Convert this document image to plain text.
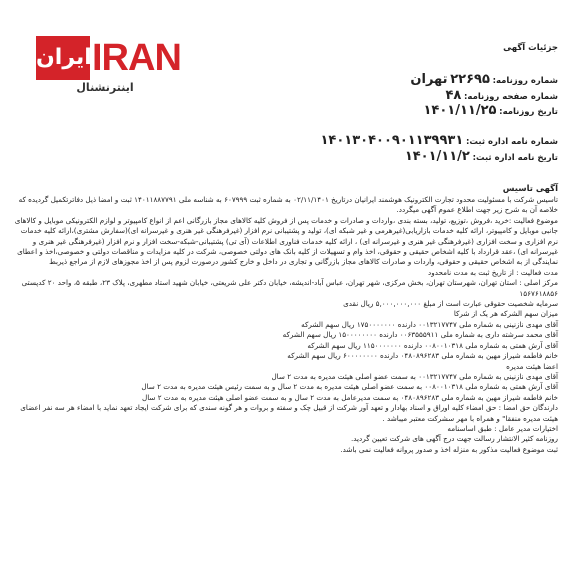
ایران IRAN
اینترنشنال
جزئیات آگهی
شماره روزنامه: ۲۲۶۹۵ تهران
شماره صفحه روزنامه: ۴۸
تاریخ روزنامه: ۱۴۰۱/۱۱/۲۵
شماره نامه اداره ثبت: ۱۴۰۱۳۰۴۰۰۹۰۱۱۳۹۹۳۱
تاریخ نامه اداره ثبت: ۱۴۰۱/۱۱/۲

آگهی تاسیس

تاسیس شرکت با مسئولیت محدود تجارت الکترونیک هوشمند ایرانیان درتاریخ ۰۲/۱۱/۱۴۰۱ به شماره ثبت ۶۰۷۹۹۹ به شناسه ملی ۱۴۰۱۱۸۸۷۷۹۱ ثبت و امضا ذیل دفاترتکمیل گردیده که خلاصه آن به شرح زیر جهت اطلاع عموم آگهی میگردد.

موضوع فعالیت :خرید ،فروش ،توزیع، تولید، بسته بندی ،واردات و صادرات و خدمات پس از فروش کلیه کالاهای مجاز بازرگانی اعم از انواع کامپیوتر و لوازم الکترونیکی موبایل و کالاهای جانبی موبایل و کامپیوتر، ارائه کلیه خدمات بازاریابی(غیرهرمی و غیر شبکه ای)، تولید و پشتیبانی نرم افزار (غیرفرهنگی غیر هنری و غیرسرانه ای)(سفارش مشتری)،ارائه کلیه خدمات نرم افزاری و سخت افزاری (غیرفرهنگی غیر هنری و غیرسرانه ای) ، ارائه کلیه خدمات فناوری اطلاعات (آی تی) پشتیبانی-شبکه-سخت افزار و نرم افزار (غیرفرهنگی غیر هنری و غیرسرانه ای) ،عقد قرارداد با کلیه اشخاص حقیقی و حقوقی، اخذ وام و تسهیلات از کلیه بانک های دولتی خصوصی، شرکت در کلیه مزایدات و مناقصات دولتی و خصوصی،اخذ و اعطای نمایندگی از به اشخاص حقیقی و حقوقی، واردات و صادرات کالاهای مجاز بازرگانی و تجاری در داخل و خارج کشور درصورت لزوم پس از اخذ مجوزهای لازم از مراجع ذیربط

مدت فعالیت : از تاریخ ثبت به مدت نامحدود

مرکز اصلی : استان تهران، شهرستان تهران، بخش مرکزی، شهر تهران، عباس آباد-اندیشه، خیابان دکتر علی شریعتی، خیابان شهید استاد مطهری، پلاک ۲۳، طبقه ۵، واحد ۲۰ کدپستی ۱۵۶۷۶۱۸۸۵۶

سرمایه شخصیت حقوقی عبارت است از مبلغ ۵,۰۰۰,۰۰۰,۰۰۰ ریال نقدی

میزان سهم الشرکه هر یک از شرکا

آقای مهدی نازنینی به شماره ملی ۰۰۱۳۲۱۷۷۴۷ دارنده ۱۷۵۰۰۰۰۰۰۰ ریال سهم الشرکه

آقای محمد سرشته داری به شماره ملی ۰۰۶۳۵۵۵۹۱۱ دارنده ۱۵۰۰۰۰۰۰۰۰ ریال سهم الشرکه

آقای آرش همتی به شماره ملی ۰۰۸۰۰۱۰۳۱۸ دارنده ۱۱۵۰۰۰۰۰۰۰ ریال سهم الشرکه

خانم فاطمه شیراز مهین به شماره ملی ۰۴۸۰۸۹۶۲۸۳ دارنده ۶۰۰۰۰۰۰۰۰ ریال سهم الشرکه

اعضا هیئت مدیره

آقای مهدی نازنینی به شماره ملی ۰۰۱۳۲۱۷۷۴۷ به سمت عضو اصلی هیئت مدیره به مدت ۲ سال

آقای آرش همتی به شماره ملی ۰۰۸۰۰۱۰۳۱۸ به سمت عضو اصلی هیئت مدیره به مدت ۲ سال و به سمت رئیس هیئت مدیره به مدت ۲ سال

خانم فاطمه شیراز مهین به شماره ملی ۰۴۸۰۸۹۶۲۸۳ به سمت مدیرعامل به مدت ۲ سال و به سمت عضو اصلی هیئت مدیره به مدت ۲ سال

دارندگان حق امضا : حق امضاء کلیه اوراق و اسناد بهادار و تعهد آور شرکت از قبیل چک و سفته و بروات و هر گونه سندی که برای شرکت ایجاد تعهد نماید با امضاء هر سه نفر اعضای هیئت مدیره منفقا" و همراه با مهر سشرکت معتبر میباشد .

اختیارات مدیر عامل : طبق اساسنامه

روزنامه کثیر الانتشار رسالت جهت درج آگهی های شرکت تعیین گردید.

ثبت موضوع فعالیت مذکور به منزله اخذ و صدور پروانه فعالیت نمی باشد.
